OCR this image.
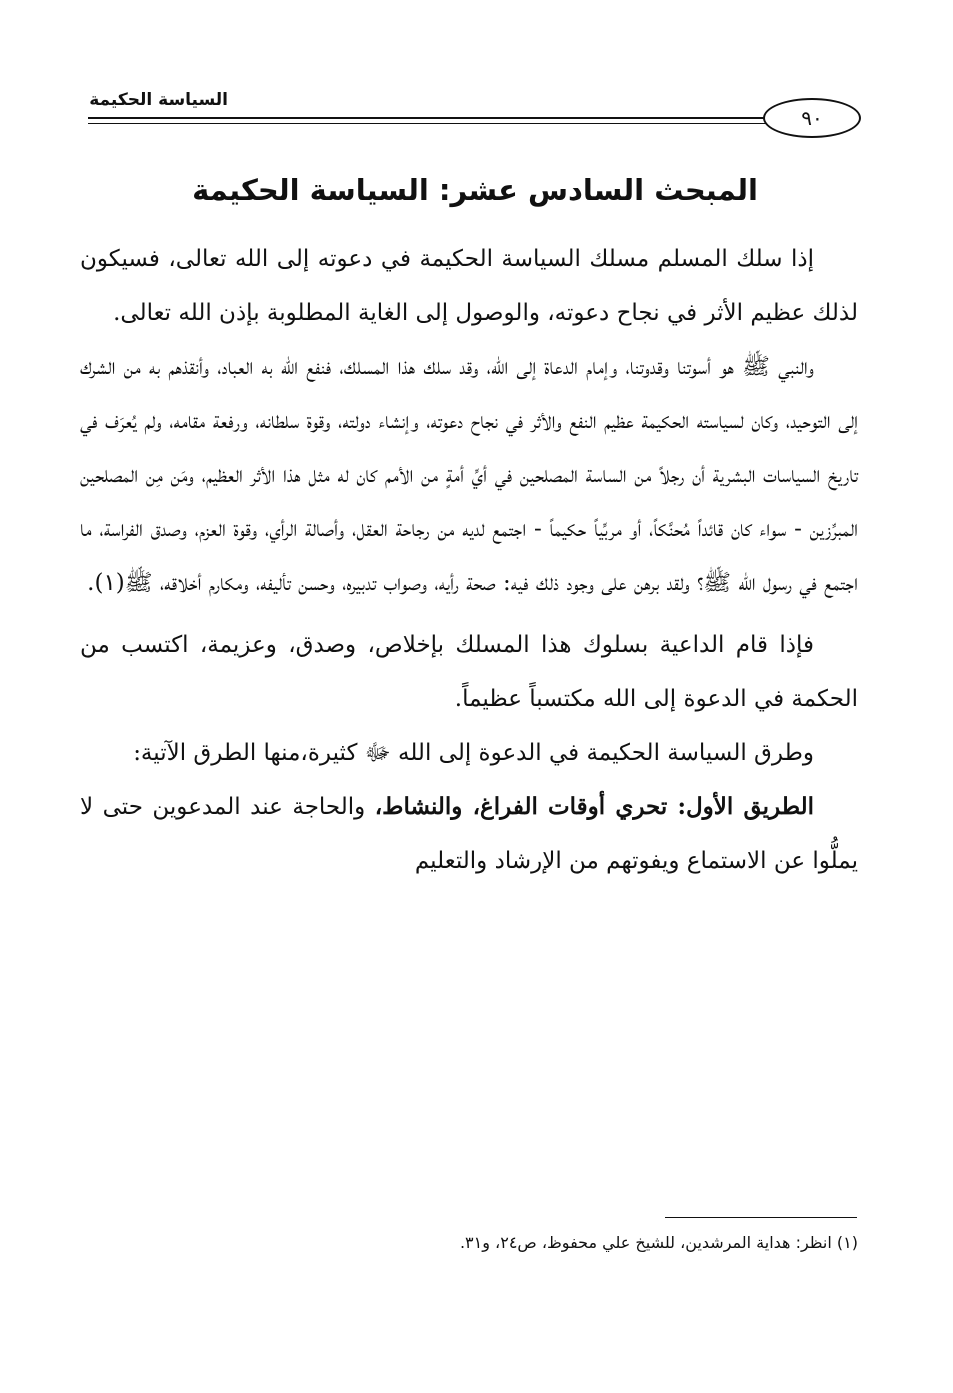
السياسة الحكيمة
٩٠
المبحث السادس عشر: السياسة الحكيمة

إذا سلك المسلم مسلك السياسة الحكيمة في دعوته إلى الله تعالى، فسيكون لذلك عظيم الأثر في نجاح دعوته، والوصول إلى الغاية المطلوبة بإذن الله تعالى.

والنبي ﷺ هو أسوتنا وقدوتنا، وإمام الدعاة إلى الله، وقد سلك هذا المسلك، فنفع الله به العباد، وأنقذهم به من الشرك إلى التوحيد، وكان لسياسته الحكيمة عظيم النفع والأثر في نجاح دعوته، وإنشاء دولته، وقوة سلطانه، ورفعة مقامه، ولم يُعرَف في تاريخ السياسات البشرية أن رجلاً من الساسة المصلحين في أيِّ أمةٍ من الأمم كان له مثل هذا الأثر العظيم، ومَن مِن المصلحين المبرِّزين - سواء كان قائداً مُحنَّكاً، أو مربِّياً حكيماً - اجتمع لديه من رجاحة العقل، وأصالة الرأي، وقوة العزم، وصدق الفراسة، ما اجتمع في رسول الله ﷺ؟ ولقد برهن على وجود ذلك فيه: صحة رأيه، وصواب تدبيره، وحسن تأليفه، ومكارم أخلاقه، ﷺ(١).

فإذا قام الداعية بسلوك هذا المسلك بإخلاص، وصدق، وعزيمة، اكتسب من الحكمة في الدعوة إلى الله مكتسباً عظيماً.

وطرق السياسة الحكيمة في الدعوة إلى الله ﷻ كثيرة،منها الطرق الآتية:

الطريق الأول: تحري أوقات الفراغ، والنشاط، والحاجة عند المدعوين حتى لا يملُّوا عن الاستماع ويفوتهم من الإرشاد والتعليم

(١) انظر: هداية المرشدين، للشيخ علي محفوظ، ص٢٤، و٣١.
